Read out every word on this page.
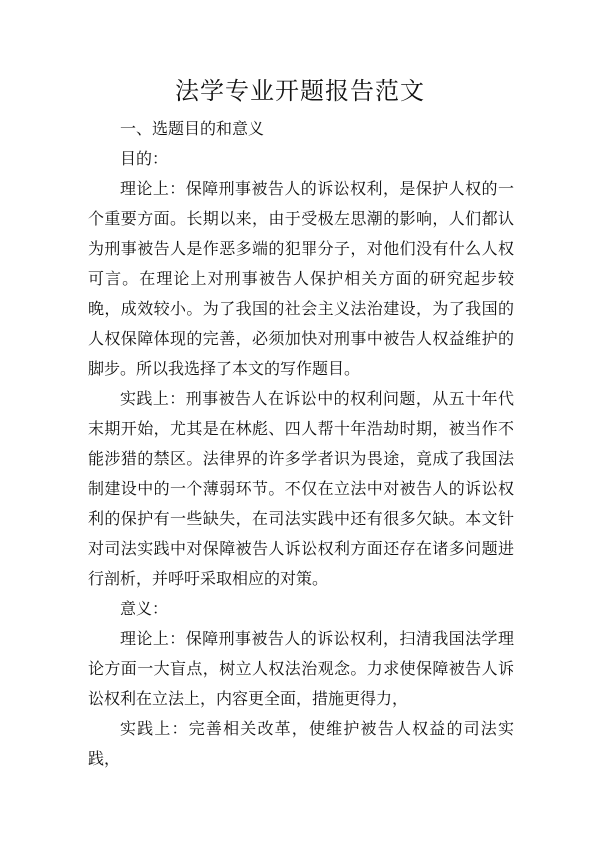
法学专业开题报告范文

一、选题目的和意义

目的：

理论上：保障刑事被告人的诉讼权利，是保护人权的一个重要方面。长期以来，由于受极左思潮的影响，人们都认为刑事被告人是作恶多端的犯罪分子，对他们没有什么人权可言。在理论上对刑事被告人保护相关方面的研究起步较晚，成效较小。为了我国的社会主义法治建设，为了我国的人权保障体现的完善，必须加快对刑事中被告人权益维护的脚步。所以我选择了本文的写作题目。

实践上：刑事被告人在诉讼中的权利问题，从五十年代末期开始，尤其是在林彪、四人帮十年浩劫时期，被当作不能涉猎的禁区。法律界的许多学者识为畏途，竟成了我国法制建设中的一个薄弱环节。不仅在立法中对被告人的诉讼权利的保护有一些缺失，在司法实践中还有很多欠缺。本文针对司法实践中对保障被告人诉讼权利方面还存在诸多问题进行剖析，并呼吁采取相应的对策。

意义：

理论上：保障刑事被告人的诉讼权利，扫清我国法学理论方面一大盲点，树立人权法治观念。力求使保障被告人诉讼权利在立法上，内容更全面，措施更得力，

实践上：完善相关改革，使维护被告人权益的司法实践，
